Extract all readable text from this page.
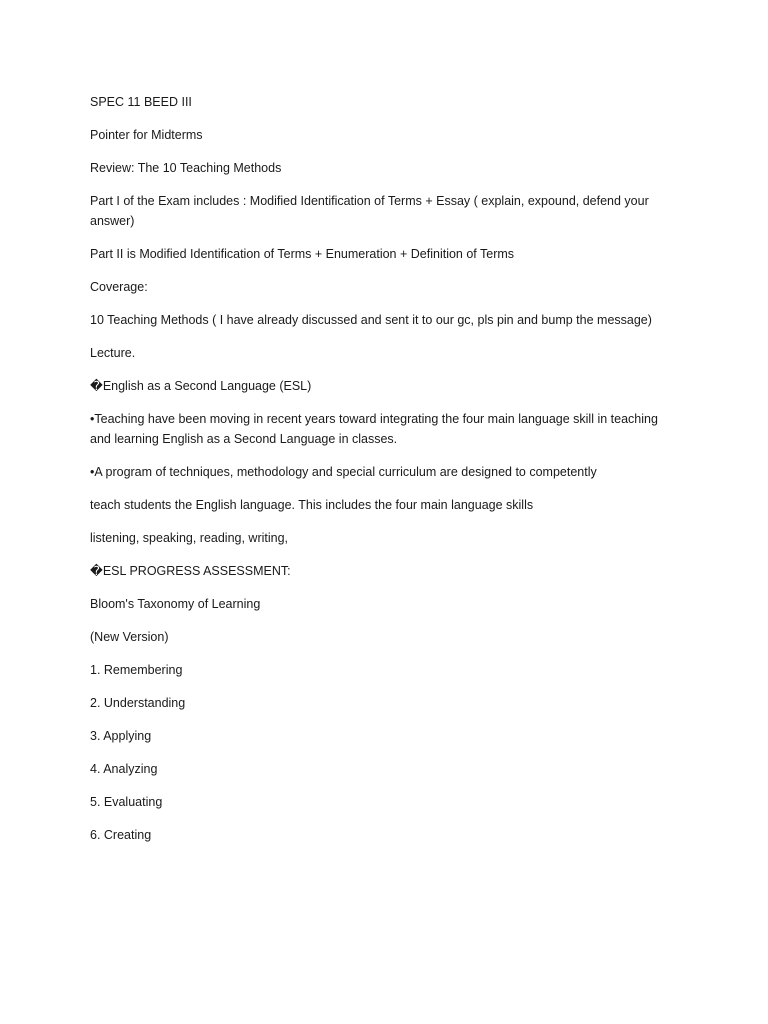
SPEC 11 BEED III

Pointer for Midterms

Review: The 10 Teaching Methods

Part I of the Exam includes : Modified Identification of Terms + Essay ( explain, expound, defend your answer)

Part II is Modified Identification of Terms + Enumeration + Definition of Terms

Coverage:

10 Teaching Methods ( I have already discussed and sent it to our gc, pls pin and bump the message)

Lecture.

�English as a Second Language (ESL)

•Teaching have been moving in recent years toward integrating the four main language skill in teaching and learning English as a Second Language in classes.

•A program of techniques, methodology and special curriculum are designed to competently

teach students the English language. This includes the four main language skills

listening, speaking, reading, writing,

�ESL PROGRESS ASSESSMENT:

Bloom's Taxonomy of Learning

(New Version)

1. Remembering

2. Understanding

3. Applying

4. Analyzing

5. Evaluating

6. Creating
